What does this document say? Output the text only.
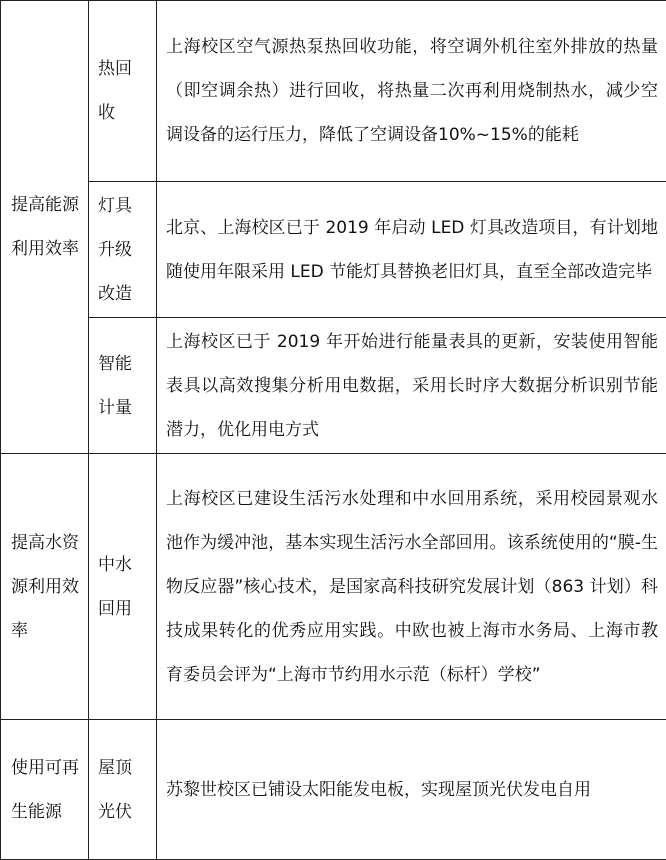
提高能源利用效率	热回收	上海校区空气源热泵热回收功能，将空调外机往室外排放的热量（即空调余热）进行回收，将热量二次再利用烧制热水，减少空调设备的运行压力，降低了空调设备10%~15%的能耗

	灯具升级改造	北京、上海校区已于 2019 年启动 LED 灯具改造项目，有计划地随使用年限采用 LED 节能灯具替换老旧灯具，直至全部改造完毕

	智能计量	上海校区已于 2019 年开始进行能量表具的更新，安装使用智能表具以高效搜集分析用电数据，采用长时序大数据分析识别节能潜力，优化用电方式

提高水资源利用效率	中水回用	上海校区已建设生活污水处理和中水回用系统，采用校园景观水池作为缓冲池，基本实现生活污水全部回用。该系统使用的“膜-生物反应器”核心技术，是国家高科技研究发展计划（863 计划）科技成果转化的优秀应用实践。中欧也被上海市水务局、上海市教育委员会评为“上海市节约用水示范（标杆）学校”

使用可再生能源	屋顶光伏	苏黎世校区已铺设太阳能发电板，实现屋顶光伏发电自用
